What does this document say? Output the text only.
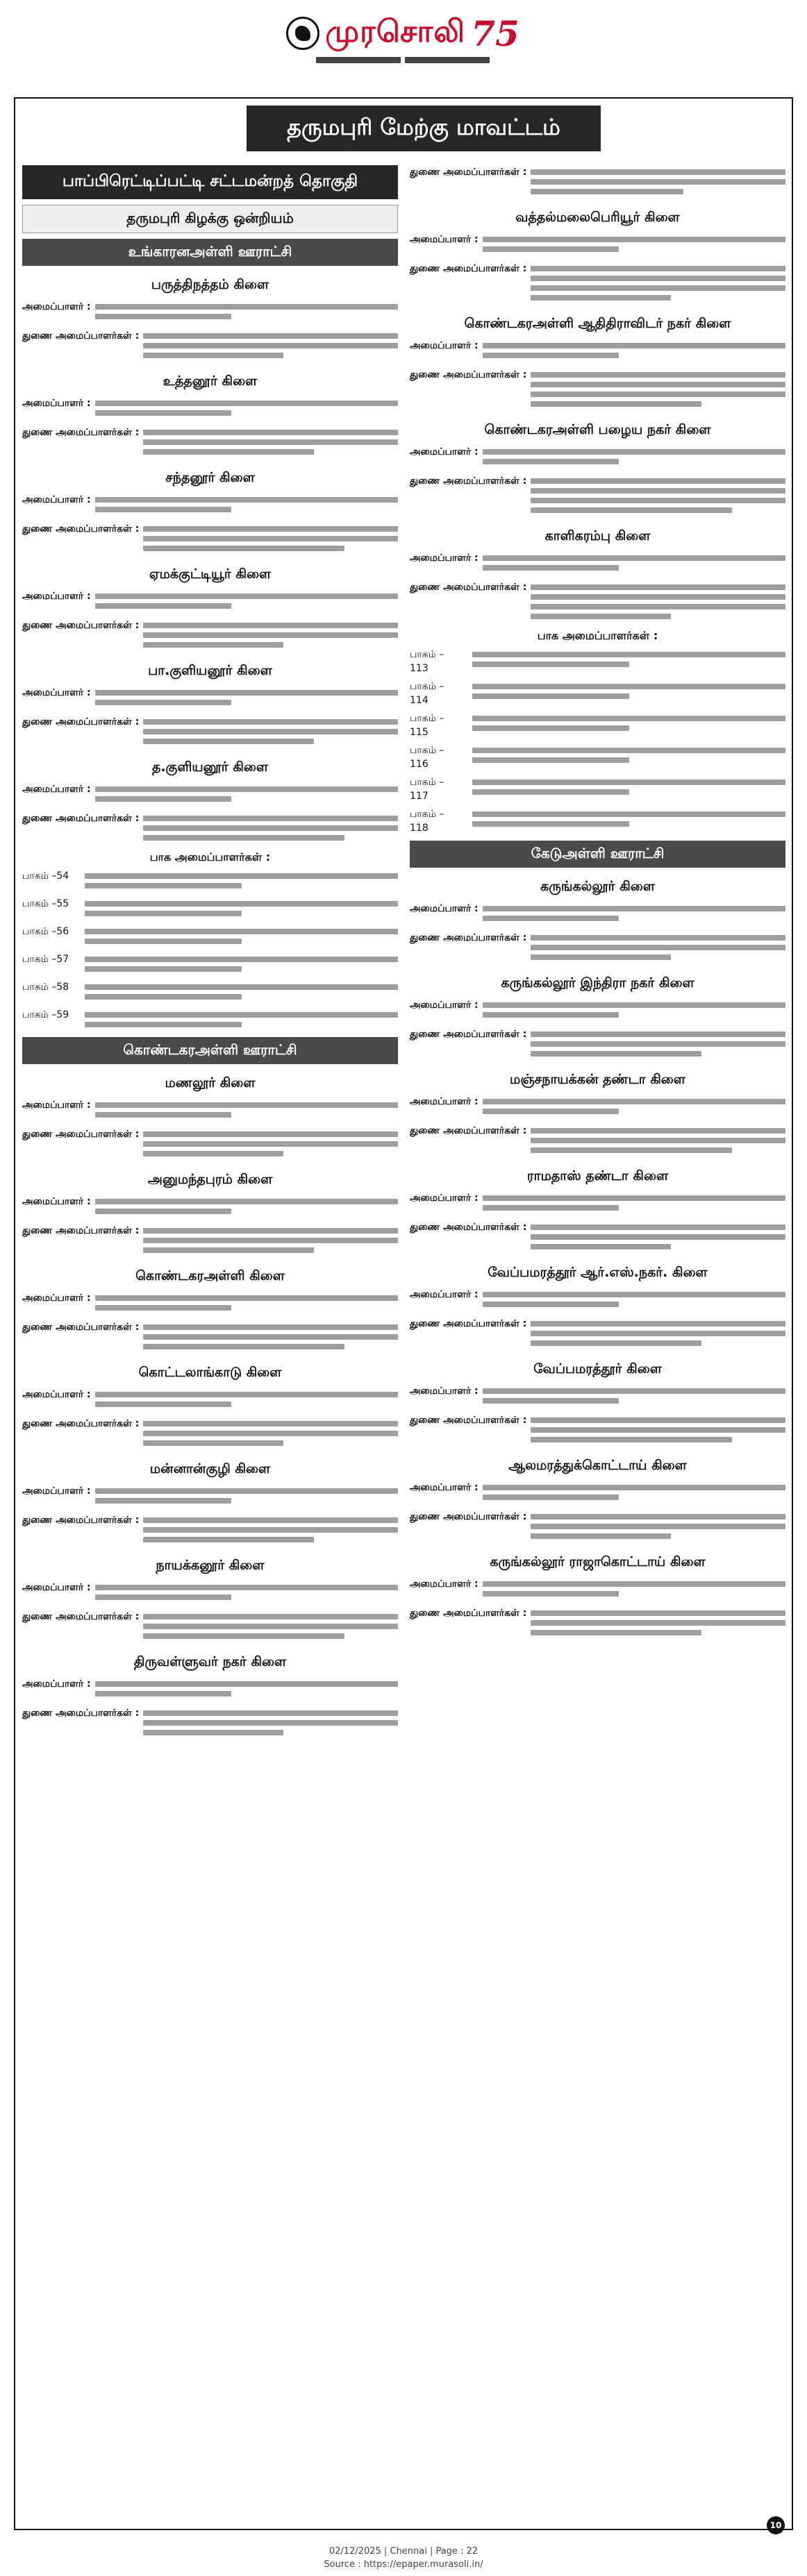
முரசொலி 75
தருமபுரி மேற்கு மாவட்டம்
பாப்பிரெட்டிப்பட்டி சட்டமன்றத் தொகுதி
தருமபுரி கிழக்கு ஒன்றியம்
உங்காரனஅள்ளி ஊராட்சி
பருத்திநத்தம் கிளை
அமைப்பாளர் :
துணை அமைப்பாளர்கள் :
உத்தனூர் கிளை
அமைப்பாளர் :
துணை அமைப்பாளர்கள் :
சந்தனூர் கிளை
அமைப்பாளர் :
துணை அமைப்பாளர்கள் :
ஏமக்குட்டியூர் கிளை
அமைப்பாளர் :
துணை அமைப்பாளர்கள் :
பா.குளியனூர் கிளை
அமைப்பாளர் :
துணை அமைப்பாளர்கள் :
த.குளியனூர் கிளை
அமைப்பாளர் :
துணை அமைப்பாளர்கள் :
பாக அமைப்பாளர்கள் :
பாகம் –54
பாகம் –55
பாகம் –56
பாகம் –57
பாகம் –58
பாகம் –59
கொண்டகரஅள்ளி ஊராட்சி
மணலூர் கிளை
அமைப்பாளர் :
துணை அமைப்பாளர்கள் :
அனுமந்தபுரம் கிளை
அமைப்பாளர் :
துணை அமைப்பாளர்கள் :
கொண்டகரஅள்ளி கிளை
அமைப்பாளர் :
துணை அமைப்பாளர்கள் :
கொட்டலாங்காடு கிளை
அமைப்பாளர் :
துணை அமைப்பாளர்கள் :
மன்னான்குழி கிளை
அமைப்பாளர் :
துணை அமைப்பாளர்கள் :
நாயக்கனூர் கிளை
அமைப்பாளர் :
துணை அமைப்பாளர்கள் :
திருவள்ளுவர் நகர் கிளை
அமைப்பாளர் :
துணை அமைப்பாளர்கள் :
துணை அமைப்பாளர்கள் :
வத்தல்மலைபெரியூர் கிளை
அமைப்பாளர் :
துணை அமைப்பாளர்கள் :
கொண்டகரஅள்ளி ஆதிதிராவிடர் நகர் கிளை
அமைப்பாளர் :
துணை அமைப்பாளர்கள் :
கொண்டகரஅள்ளி பழைய நகர் கிளை
அமைப்பாளர் :
துணை அமைப்பாளர்கள் :
காளிகரம்பு கிளை
அமைப்பாளர் :
துணை அமைப்பாளர்கள் :
பாக அமைப்பாளர்கள் :
பாகம் – 113
பாகம் – 114
பாகம் – 115
பாகம் – 116
பாகம் – 117
பாகம் – 118
கேடுஅள்ளி ஊராட்சி
கருங்கல்லூர் கிளை
அமைப்பாளர் :
துணை அமைப்பாளர்கள் :
கருங்கல்லூர் இந்திரா நகர் கிளை
அமைப்பாளர் :
துணை அமைப்பாளர்கள் :
மஞ்சநாயக்கன் தண்டா கிளை
அமைப்பாளர் :
துணை அமைப்பாளர்கள் :
ராமதாஸ் தண்டா கிளை
அமைப்பாளர் :
துணை அமைப்பாளர்கள் :
வேப்பமரத்தூர் ஆர்.எஸ்.நகர். கிளை
அமைப்பாளர் :
துணை அமைப்பாளர்கள் :
வேப்பமரத்தூர் கிளை
அமைப்பாளர் :
துணை அமைப்பாளர்கள் :
ஆலமரத்துக்கொட்டாய் கிளை
அமைப்பாளர் :
துணை அமைப்பாளர்கள் :
கருங்கல்லூர் ராஜாகொட்டாய் கிளை
அமைப்பாளர் :
துணை அமைப்பாளர்கள் :
10
02/12/2025 | Chennai | Page : 22
Source : https://epaper.murasoli.in/
